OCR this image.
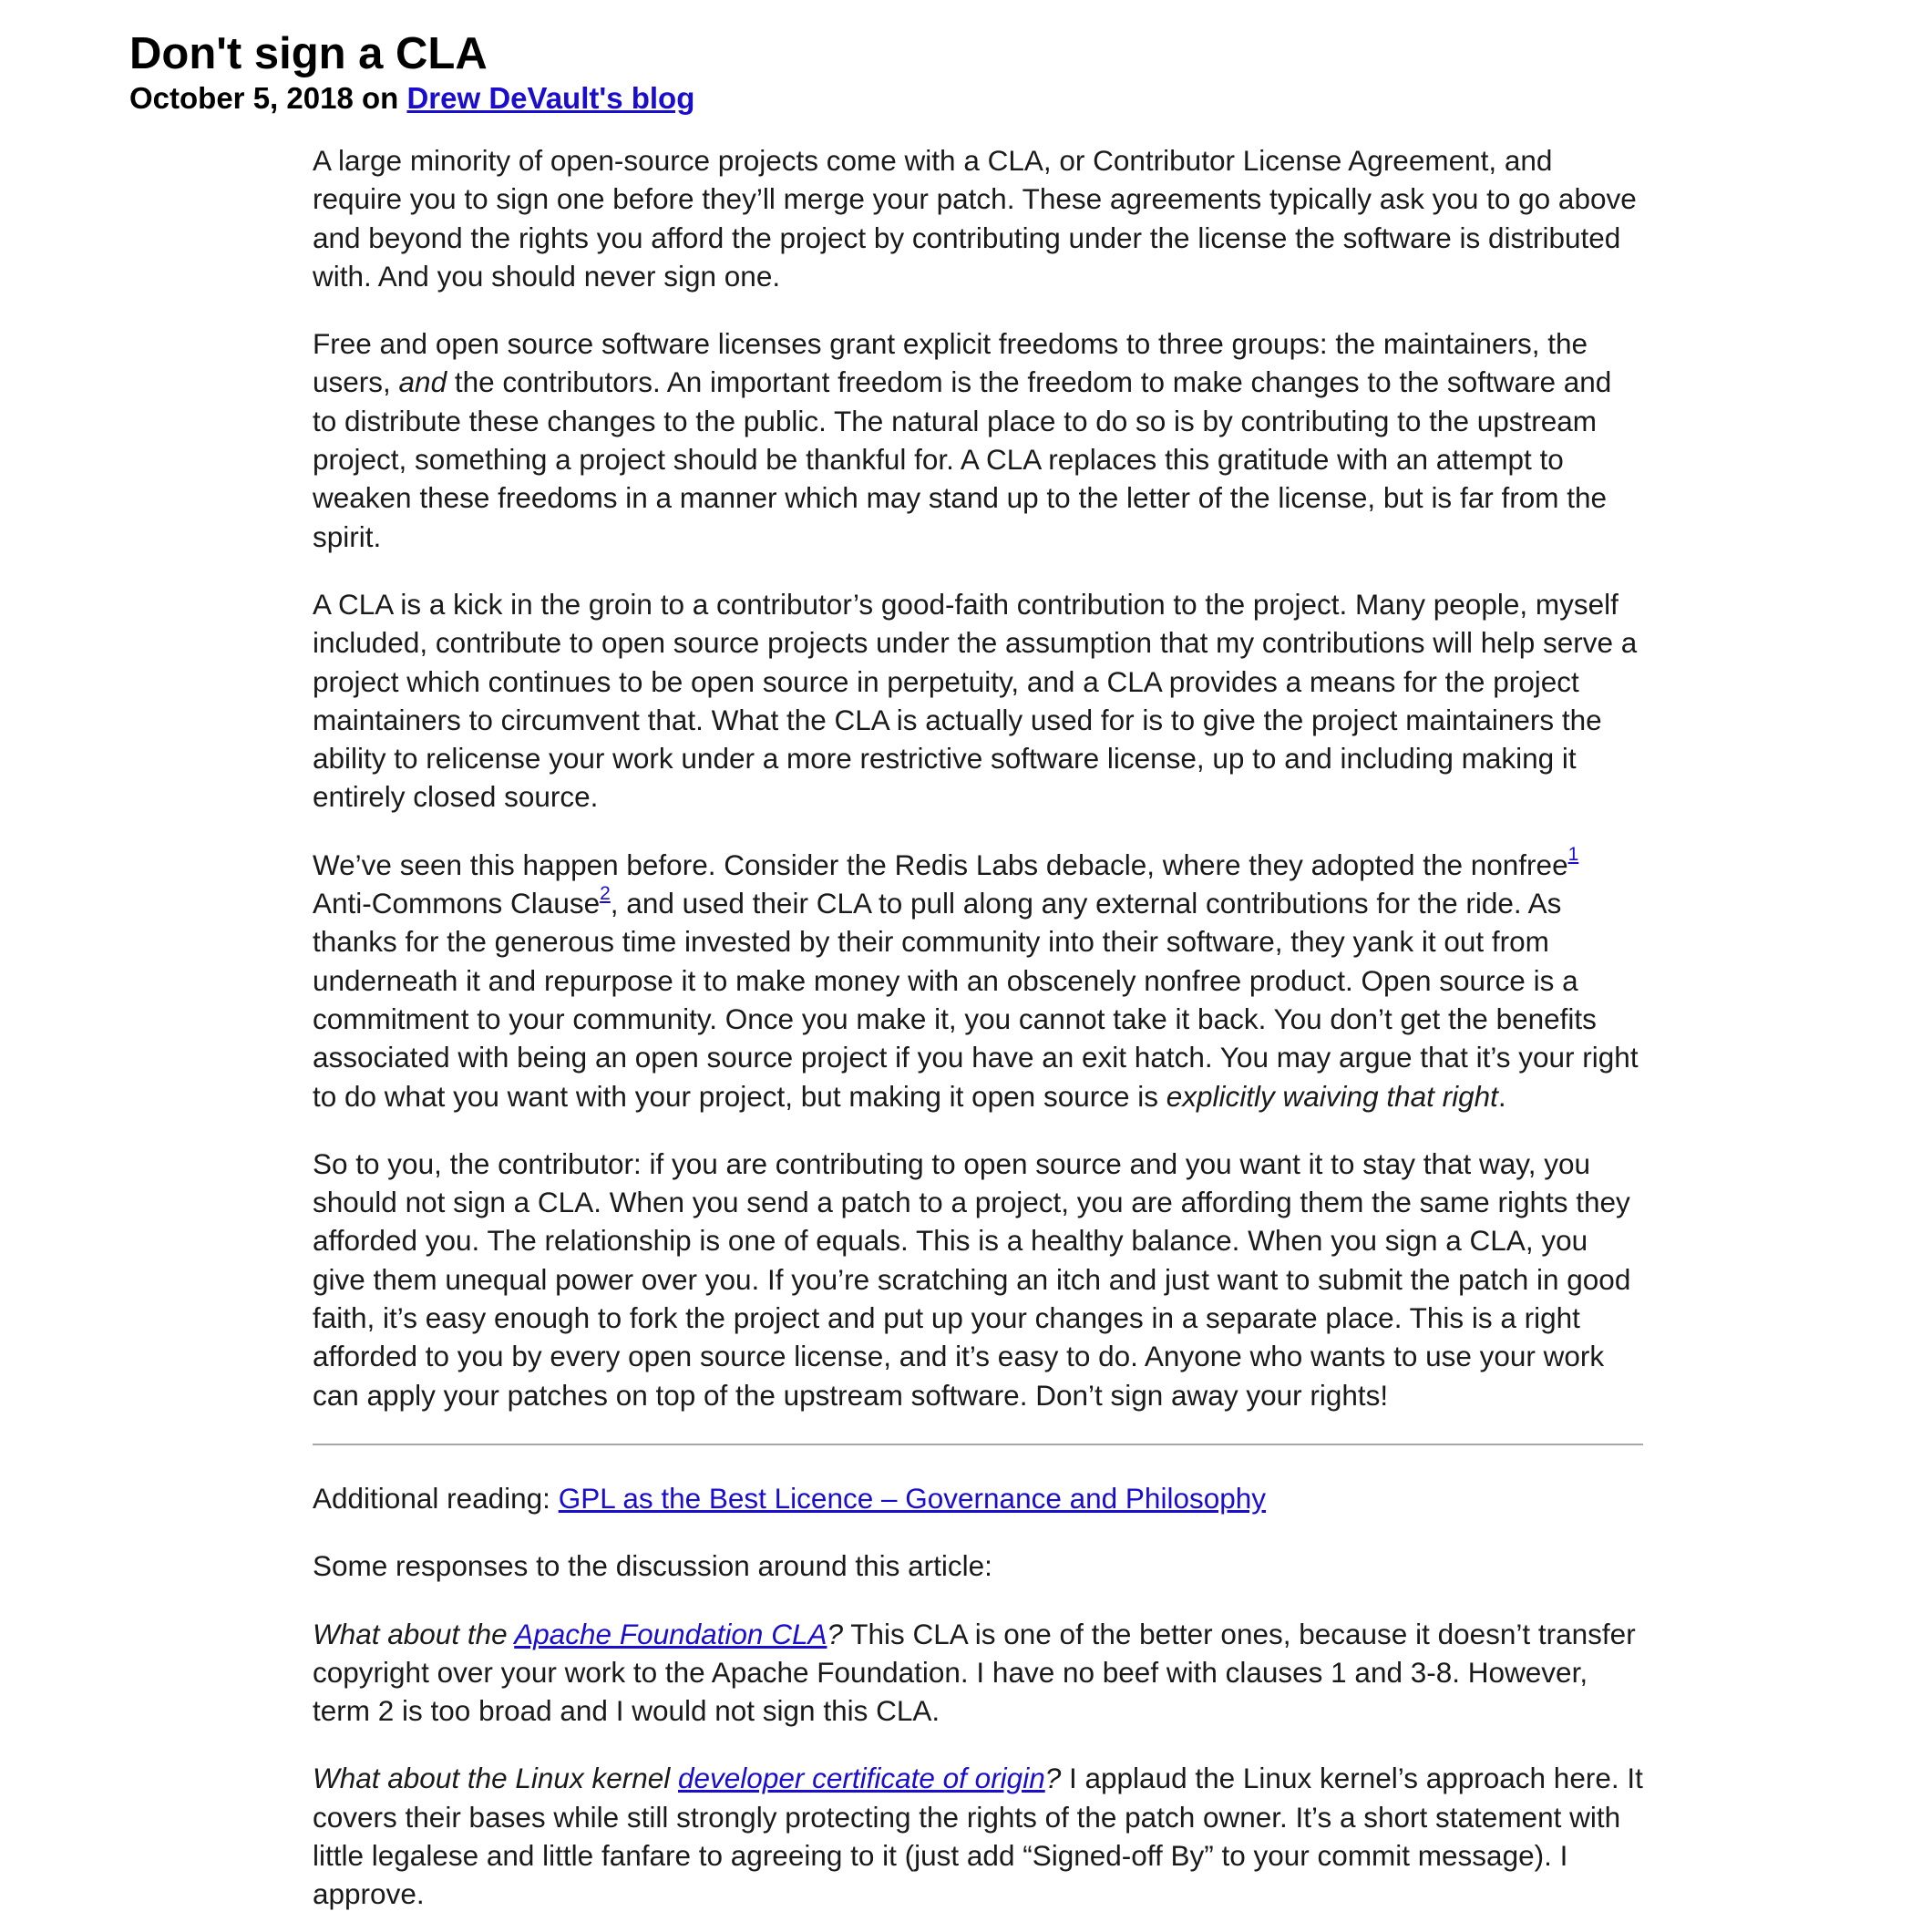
Don't sign a CLA
October 5, 2018 on Drew DeVault's blog

A large minority of open-source projects come with a CLA, or Contributor License Agreement, and require you to sign one before they’ll merge your patch. These agreements typically ask you to go above and beyond the rights you afford the project by contributing under the license the software is distributed with. And you should never sign one.

Free and open source software licenses grant explicit freedoms to three groups: the maintainers, the users, and the contributors. An important freedom is the freedom to make changes to the software and to distribute these changes to the public. The natural place to do so is by contributing to the upstream project, something a project should be thankful for. A CLA replaces this gratitude with an attempt to weaken these freedoms in a manner which may stand up to the letter of the license, but is far from the spirit.

A CLA is a kick in the groin to a contributor’s good-faith contribution to the project. Many people, myself included, contribute to open source projects under the assumption that my contributions will help serve a project which continues to be open source in perpetuity, and a CLA provides a means for the project maintainers to circumvent that. What the CLA is actually used for is to give the project maintainers the ability to relicense your work under a more restrictive software license, up to and including making it entirely closed source.

We’ve seen this happen before. Consider the Redis Labs debacle, where they adopted the nonfree$^1$ Anti-Commons Clause$^2$, and used their CLA to pull along any external contributions for the ride. As thanks for the generous time invested by their community into their software, they yank it out from underneath it and repurpose it to make money with an obscenely nonfree product. Open source is a commitment to your community. Once you make it, you cannot take it back. You don’t get the benefits associated with being an open source project if you have an exit hatch. You may argue that it’s your right to do what you want with your project, but making it open source is explicitly waiving that right.

So to you, the contributor: if you are contributing to open source and you want it to stay that way, you should not sign a CLA. When you send a patch to a project, you are affording them the same rights they afforded you. The relationship is one of equals. This is a healthy balance. When you sign a CLA, you give them unequal power over you. If you’re scratching an itch and just want to submit the patch in good faith, it’s easy enough to fork the project and put up your changes in a separate place. This is a right afforded to you by every open source license, and it’s easy to do. Anyone who wants to use your work can apply your patches on top of the upstream software. Don’t sign away your rights!

Additional reading: GPL as the Best Licence – Governance and Philosophy

Some responses to the discussion around this article:

What about the Apache Foundation CLA? This CLA is one of the better ones, because it doesn’t transfer copyright over your work to the Apache Foundation. I have no beef with clauses 1 and 3-8. However, term 2 is too broad and I would not sign this CLA.

What about the Linux kernel developer certificate of origin? I applaud the Linux kernel’s approach here. It covers their bases while still strongly protecting the rights of the patch owner. It’s a short statement with little legalese and little fanfare to agreeing to it (just add “Signed-off By” to your commit message). I approve.
